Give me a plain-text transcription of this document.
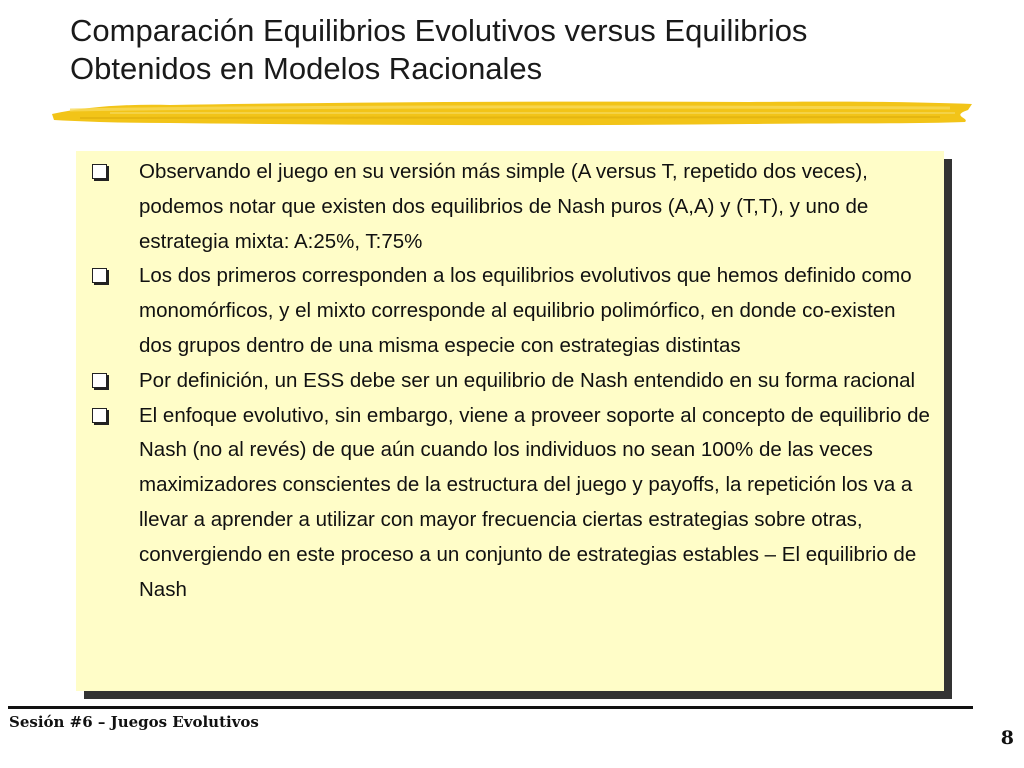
Comparación Equilibrios Evolutivos versus Equilibrios
Obtenidos en Modelos Racionales
Observando el juego en su versión más simple (A versus T, repetido dos veces), podemos notar que existen dos equilibrios de Nash puros (A,A) y (T,T), y uno de estrategia mixta: A:25%, T:75%
Los dos primeros corresponden a los equilibrios evolutivos que hemos definido como monomórficos, y el mixto corresponde al equilibrio polimórfico, en donde co-existen dos grupos dentro de una misma especie con estrategias distintas
Por definición, un ESS debe ser un equilibrio de Nash entendido en su forma racional
El enfoque evolutivo, sin embargo, viene a proveer soporte al concepto de equilibrio de Nash (no al revés) de que aún cuando los individuos no sean 100% de las veces maximizadores conscientes de la estructura del juego y payoffs, la repetición los va a llevar a aprender a utilizar con mayor frecuencia ciertas estrategias sobre otras, convergiendo en este proceso a un conjunto de estrategias estables – El equilibrio de Nash
Sesión #6 – Juegos Evolutivos
8
